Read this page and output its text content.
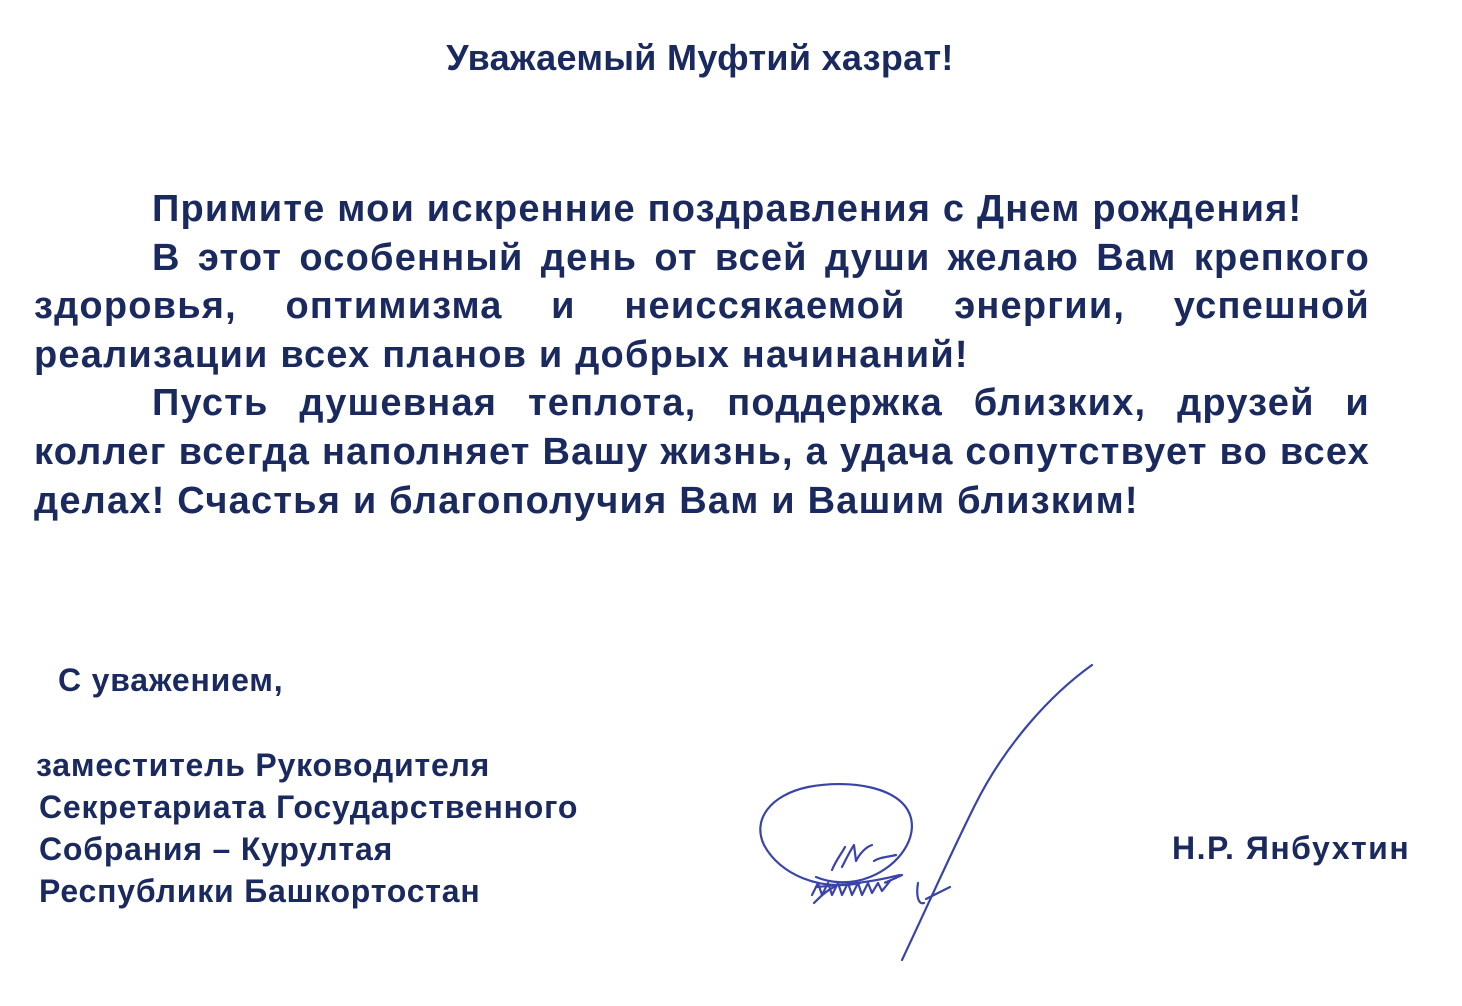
Уважаемый Муфтий хазрат!

Примите мои искренние поздравления с Днем рождения!

В этот особенный день от всей души желаю Вам крепкого здоровья, оптимизма и неиссякаемой энергии, успешной реализации всех планов и добрых начинаний!

Пусть душевная теплота, поддержка близких, друзей и коллег всегда наполняет Вашу жизнь, а удача сопутствует во всех делах! Счастья и благополучия Вам и Вашим близким!

С уважением,
заместитель Руководителя
Секретариата Государственного
Собрания – Курултая
Республики Башкортостан
Н.Р. Янбухтин
